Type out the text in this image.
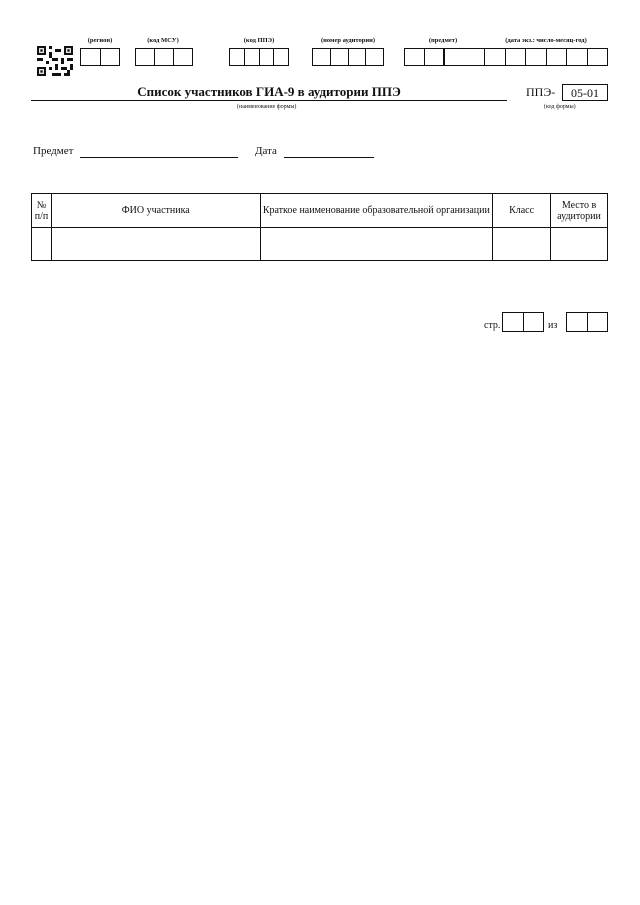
(регион)	(код МСУ)	(код ППЭ)	(номер аудитории)	(предмет)	(дата экз.: число-месяц-год)
Список участников ГИА-9 в аудитории ППЭ
(наименование формы)
ППЭ-	05-01
(код формы)
Предмет	Дата
№ п/п	ФИО участника	Краткое наименование образовательной организации	Класс	Место в аудитории

стр.	из
